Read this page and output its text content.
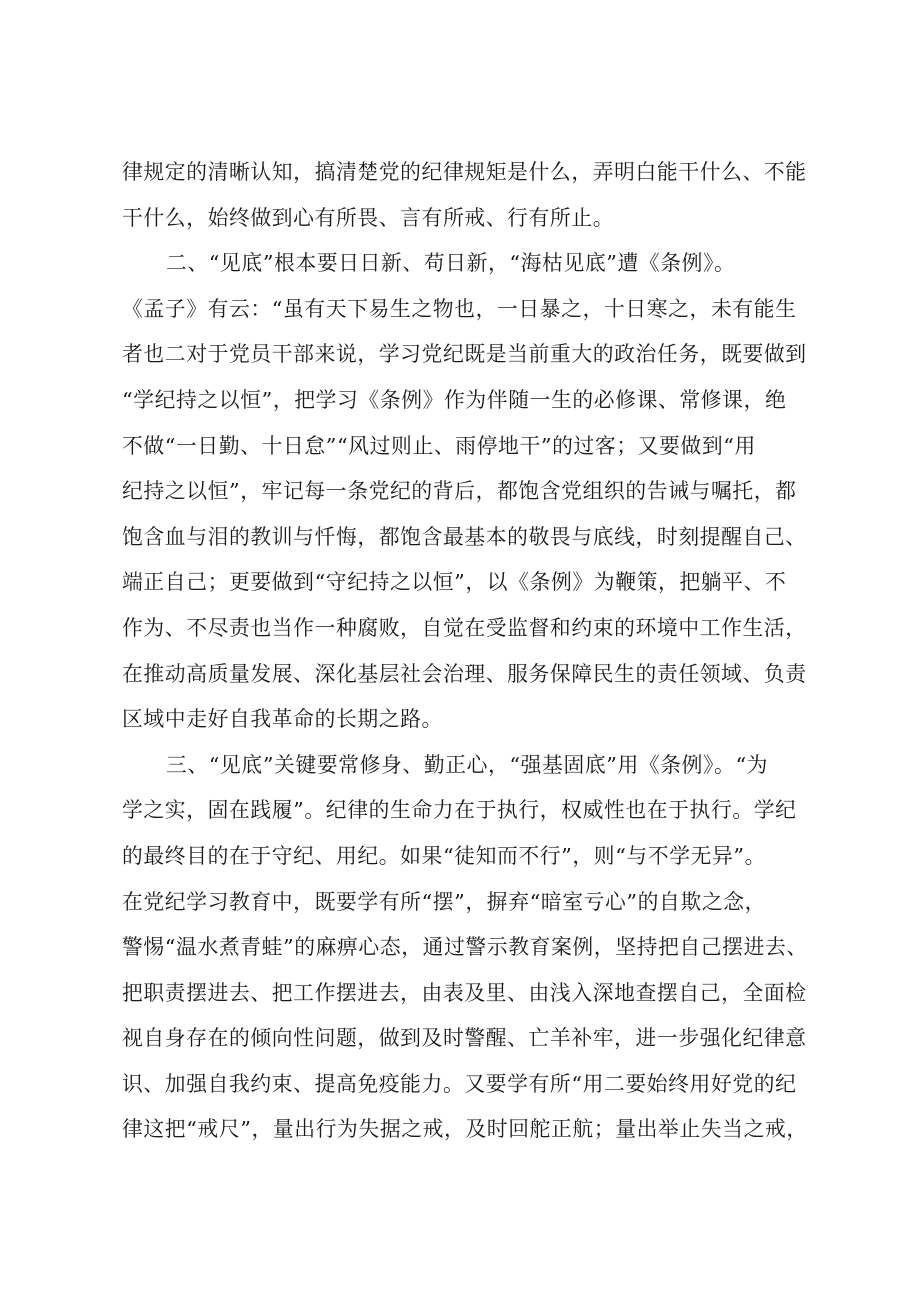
律规定的清晰认知，搞清楚党的纪律规矩是什么，弄明白能干什么、不能
干什么，始终做到心有所畏、言有所戒、行有所止。
二、“见底”根本要日日新、苟日新，“海枯见底”遭《条例》。
《孟子》有云：“虽有天下易生之物也，一日暴之，十日寒之，未有能生
者也二对于党员干部来说，学习党纪既是当前重大的政治任务，既要做到
“学纪持之以恒”，把学习《条例》作为伴随一生的必修课、常修课，绝
不做“一日勤、十日怠”“风过则止、雨停地干”的过客；又要做到“用
纪持之以恒”，牢记每一条党纪的背后，都饱含党组织的告诫与嘱托，都
饱含血与泪的教训与忏悔，都饱含最基本的敬畏与底线，时刻提醒自己、
端正自己；更要做到“守纪持之以恒”，以《条例》为鞭策，把躺平、不
作为、不尽责也当作一种腐败，自觉在受监督和约束的环境中工作生活，
在推动高质量发展、深化基层社会治理、服务保障民生的责任领域、负责
区域中走好自我革命的长期之路。
三、“见底”关键要常修身、勤正心，“强基固底”用《条例》。“为
学之实，固在践履”。纪律的生命力在于执行，权威性也在于执行。学纪
的最终目的在于守纪、用纪。如果“徒知而不行”，则“与不学无异”。
在党纪学习教育中，既要学有所“摆”，摒弃“暗室亏心”的自欺之念，
警惕“温水煮青蛙”的麻痹心态，通过警示教育案例，坚持把自己摆进去、
把职责摆进去、把工作摆进去，由表及里、由浅入深地查摆自己，全面检
视自身存在的倾向性问题，做到及时警醒、亡羊补牢，进一步强化纪律意
识、加强自我约束、提高免疫能力。又要学有所“用二要始终用好党的纪
律这把“戒尺”，量出行为失据之戒，及时回舵正航；量出举止失当之戒，
